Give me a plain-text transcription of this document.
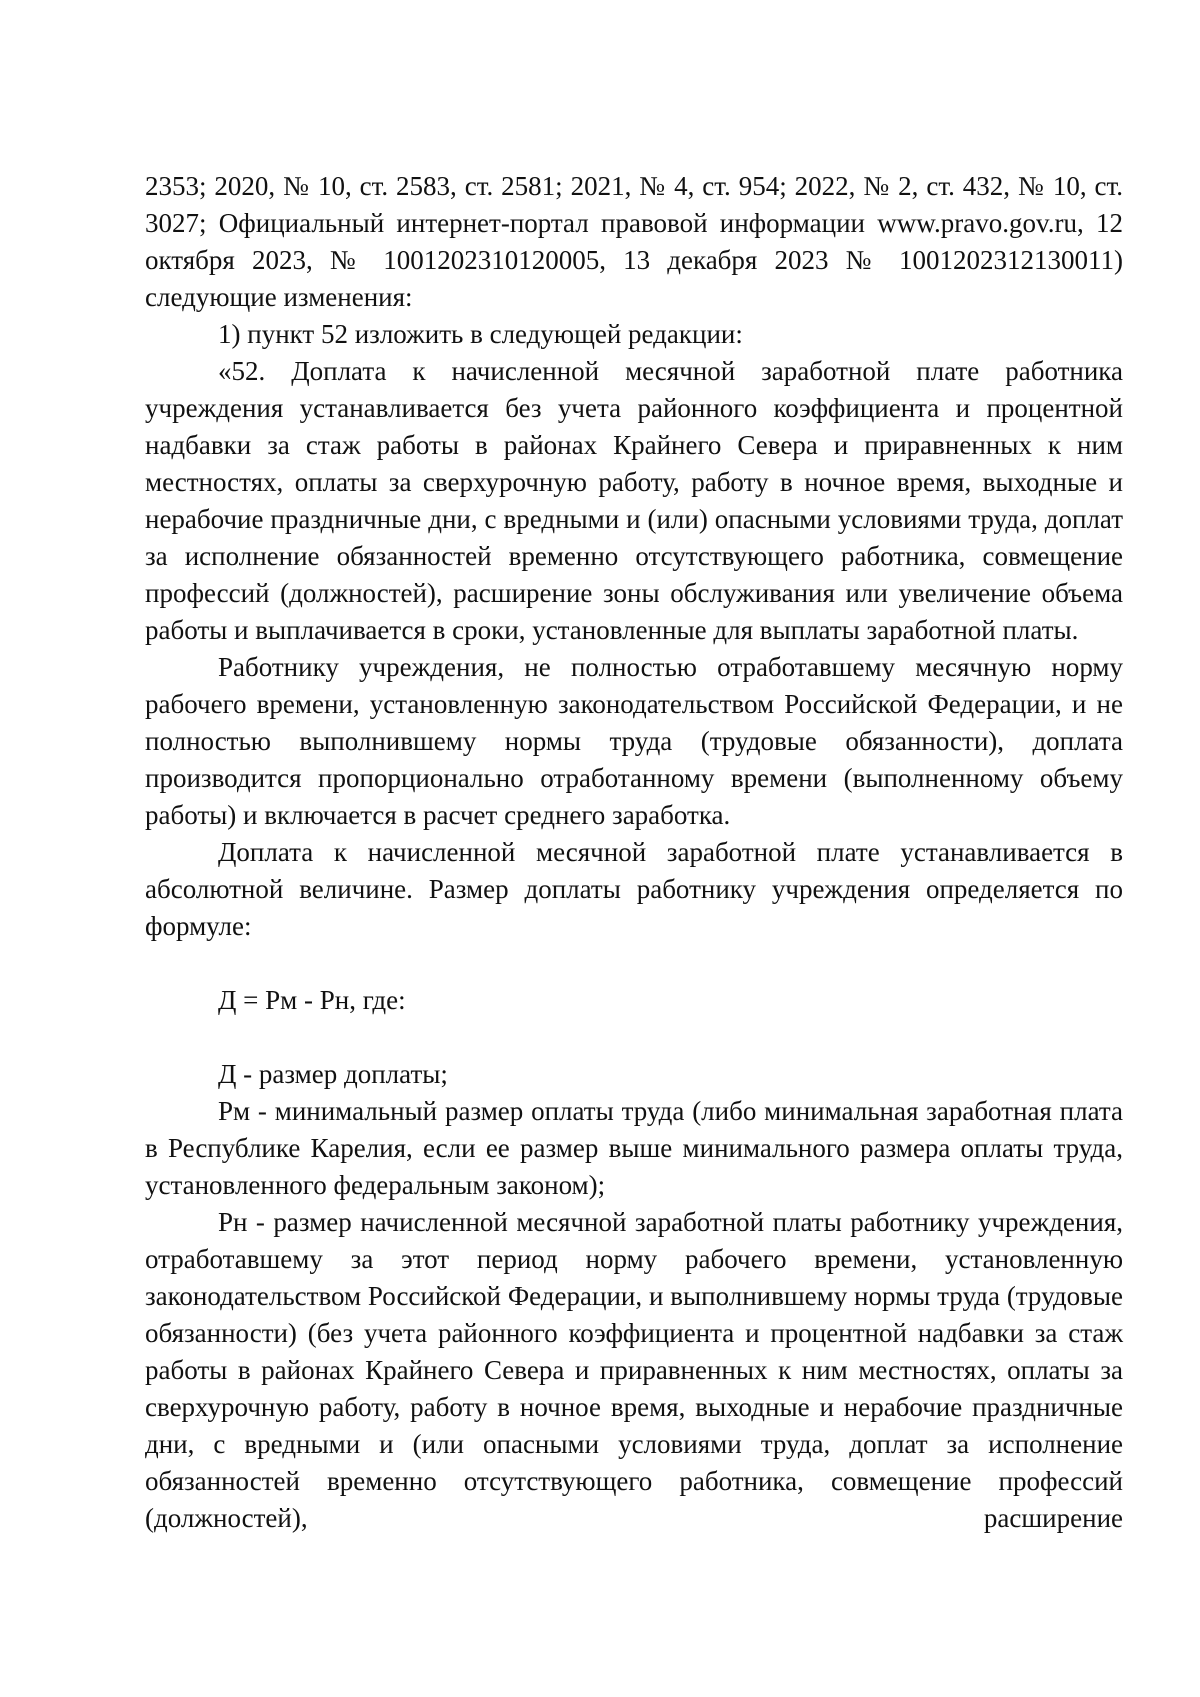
2353; 2020, № 10, ст. 2583, ст. 2581; 2021, № 4, ст. 954; 2022, № 2, ст. 432, № 10, ст. 3027; Официальный интернет-портал правовой информации www.pravo.gov.ru, 12 октября 2023, № 1001202310120005, 13 декабря 2023 № 1001202312130011) следующие изменения:

1) пункт 52 изложить в следующей редакции:

«52. Доплата к начисленной месячной заработной плате работника учреждения устанавливается без учета районного коэффициента и процентной надбавки за стаж работы в районах Крайнего Севера и приравненных к ним местностях, оплаты за сверхурочную работу, работу в ночное время, выходные и нерабочие праздничные дни, с вредными и (или) опасными условиями труда, доплат за исполнение обязанностей временно отсутствующего работника, совмещение профессий (должностей), расширение зоны обслуживания или увеличение объема работы и выплачивается в сроки, установленные для выплаты заработной платы.

Работнику учреждения, не полностью отработавшему месячную норму рабочего времени, установленную законодательством Российской Федерации, и не полностью выполнившему нормы труда (трудовые обязанности), доплата производится пропорционально отработанному времени (выполненному объему работы) и включается в расчет среднего заработка.

Доплата к начисленной месячной заработной плате устанавливается в абсолютной величине. Размер доплаты работнику учреждения определяется по формуле:

Д = Рм - Рн, где:

Д - размер доплаты;

Рм - минимальный размер оплаты труда (либо минимальная заработная плата в Республике Карелия, если ее размер выше минимального размера оплаты труда, установленного федеральным законом);

Рн - размер начисленной месячной заработной платы работнику учреждения, отработавшему за этот период норму рабочего времени, установленную законодательством Российской Федерации, и выполнившему нормы труда (трудовые обязанности) (без учета районного коэффициента и процентной надбавки за стаж работы в районах Крайнего Севера и приравненных к ним местностях, оплаты за сверхурочную работу, работу в ночное время, выходные и нерабочие праздничные дни, с вредными и (или опасными условиями труда, доплат за исполнение обязанностей временно отсутствующего работника, совмещение профессий (должностей), расширение
